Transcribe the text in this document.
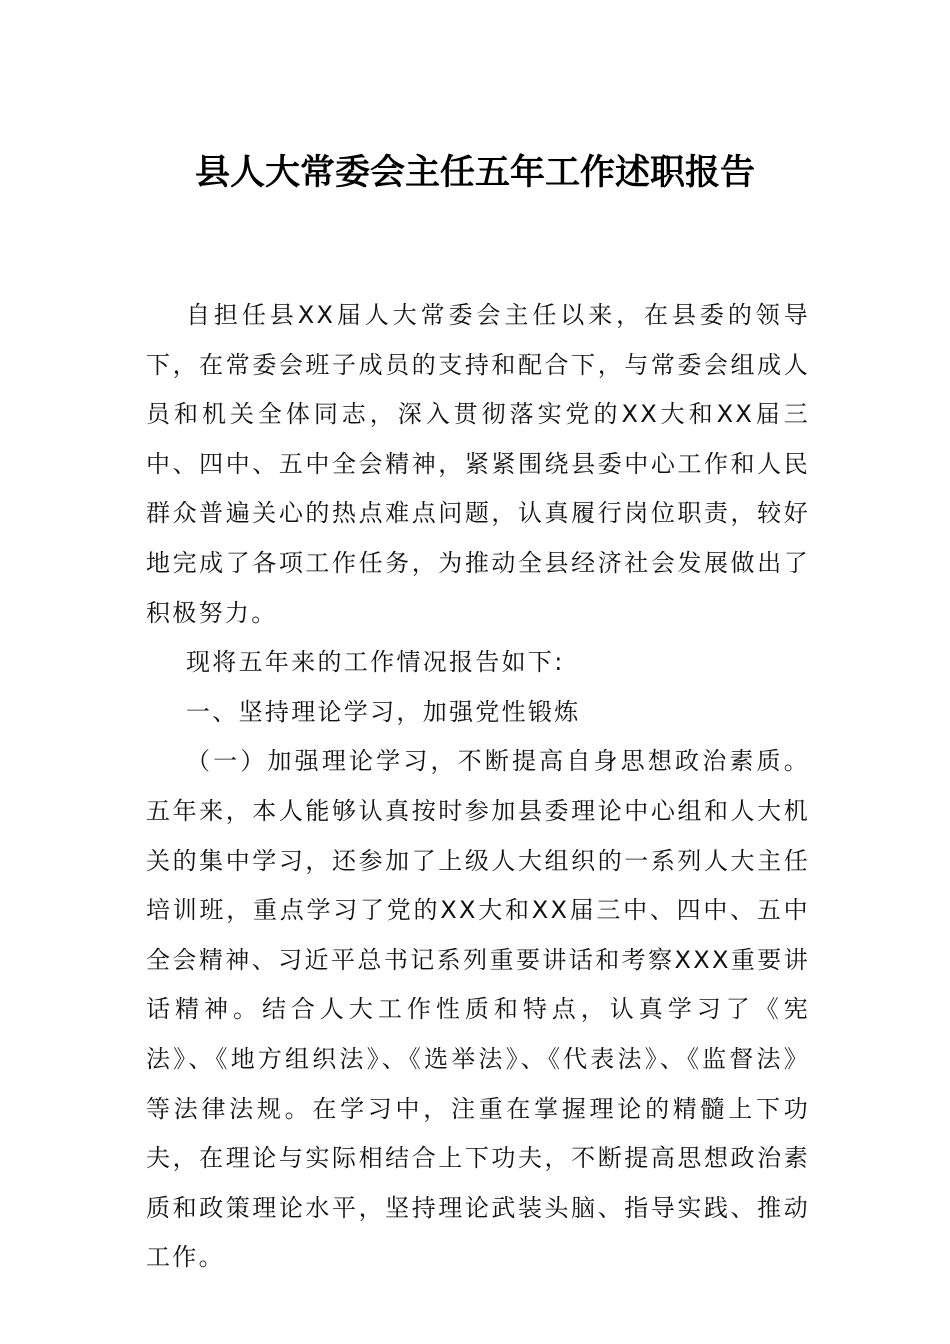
县人大常委会主任五年工作述职报告

自担任县XX届人大常委会主任以来，在县委的领导下，在常委会班子成员的支持和配合下，与常委会组成人员和机关全体同志，深入贯彻落实党的XX大和XX届三中、四中、五中全会精神，紧紧围绕县委中心工作和人民群众普遍关心的热点难点问题，认真履行岗位职责，较好地完成了各项工作任务，为推动全县经济社会发展做出了积极努力。

现将五年来的工作情况报告如下:

一、坚持理论学习，加强党性锻炼

（一）加强理论学习，不断提高自身思想政治素质。五年来，本人能够认真按时参加县委理论中心组和人大机关的集中学习，还参加了上级人大组织的一系列人大主任培训班，重点学习了党的XX大和XX届三中、四中、五中全会精神、习近平总书记系列重要讲话和考察XXX重要讲话精神。结合人大工作性质和特点，认真学习了《宪法》、《地方组织法》、《选举法》、《代表法》、《监督法》等法律法规。在学习中，注重在掌握理论的精髓上下功夫，在理论与实际相结合上下功夫，不断提高思想政治素质和政策理论水平，坚持理论武装头脑、指导实践、推动工作。
